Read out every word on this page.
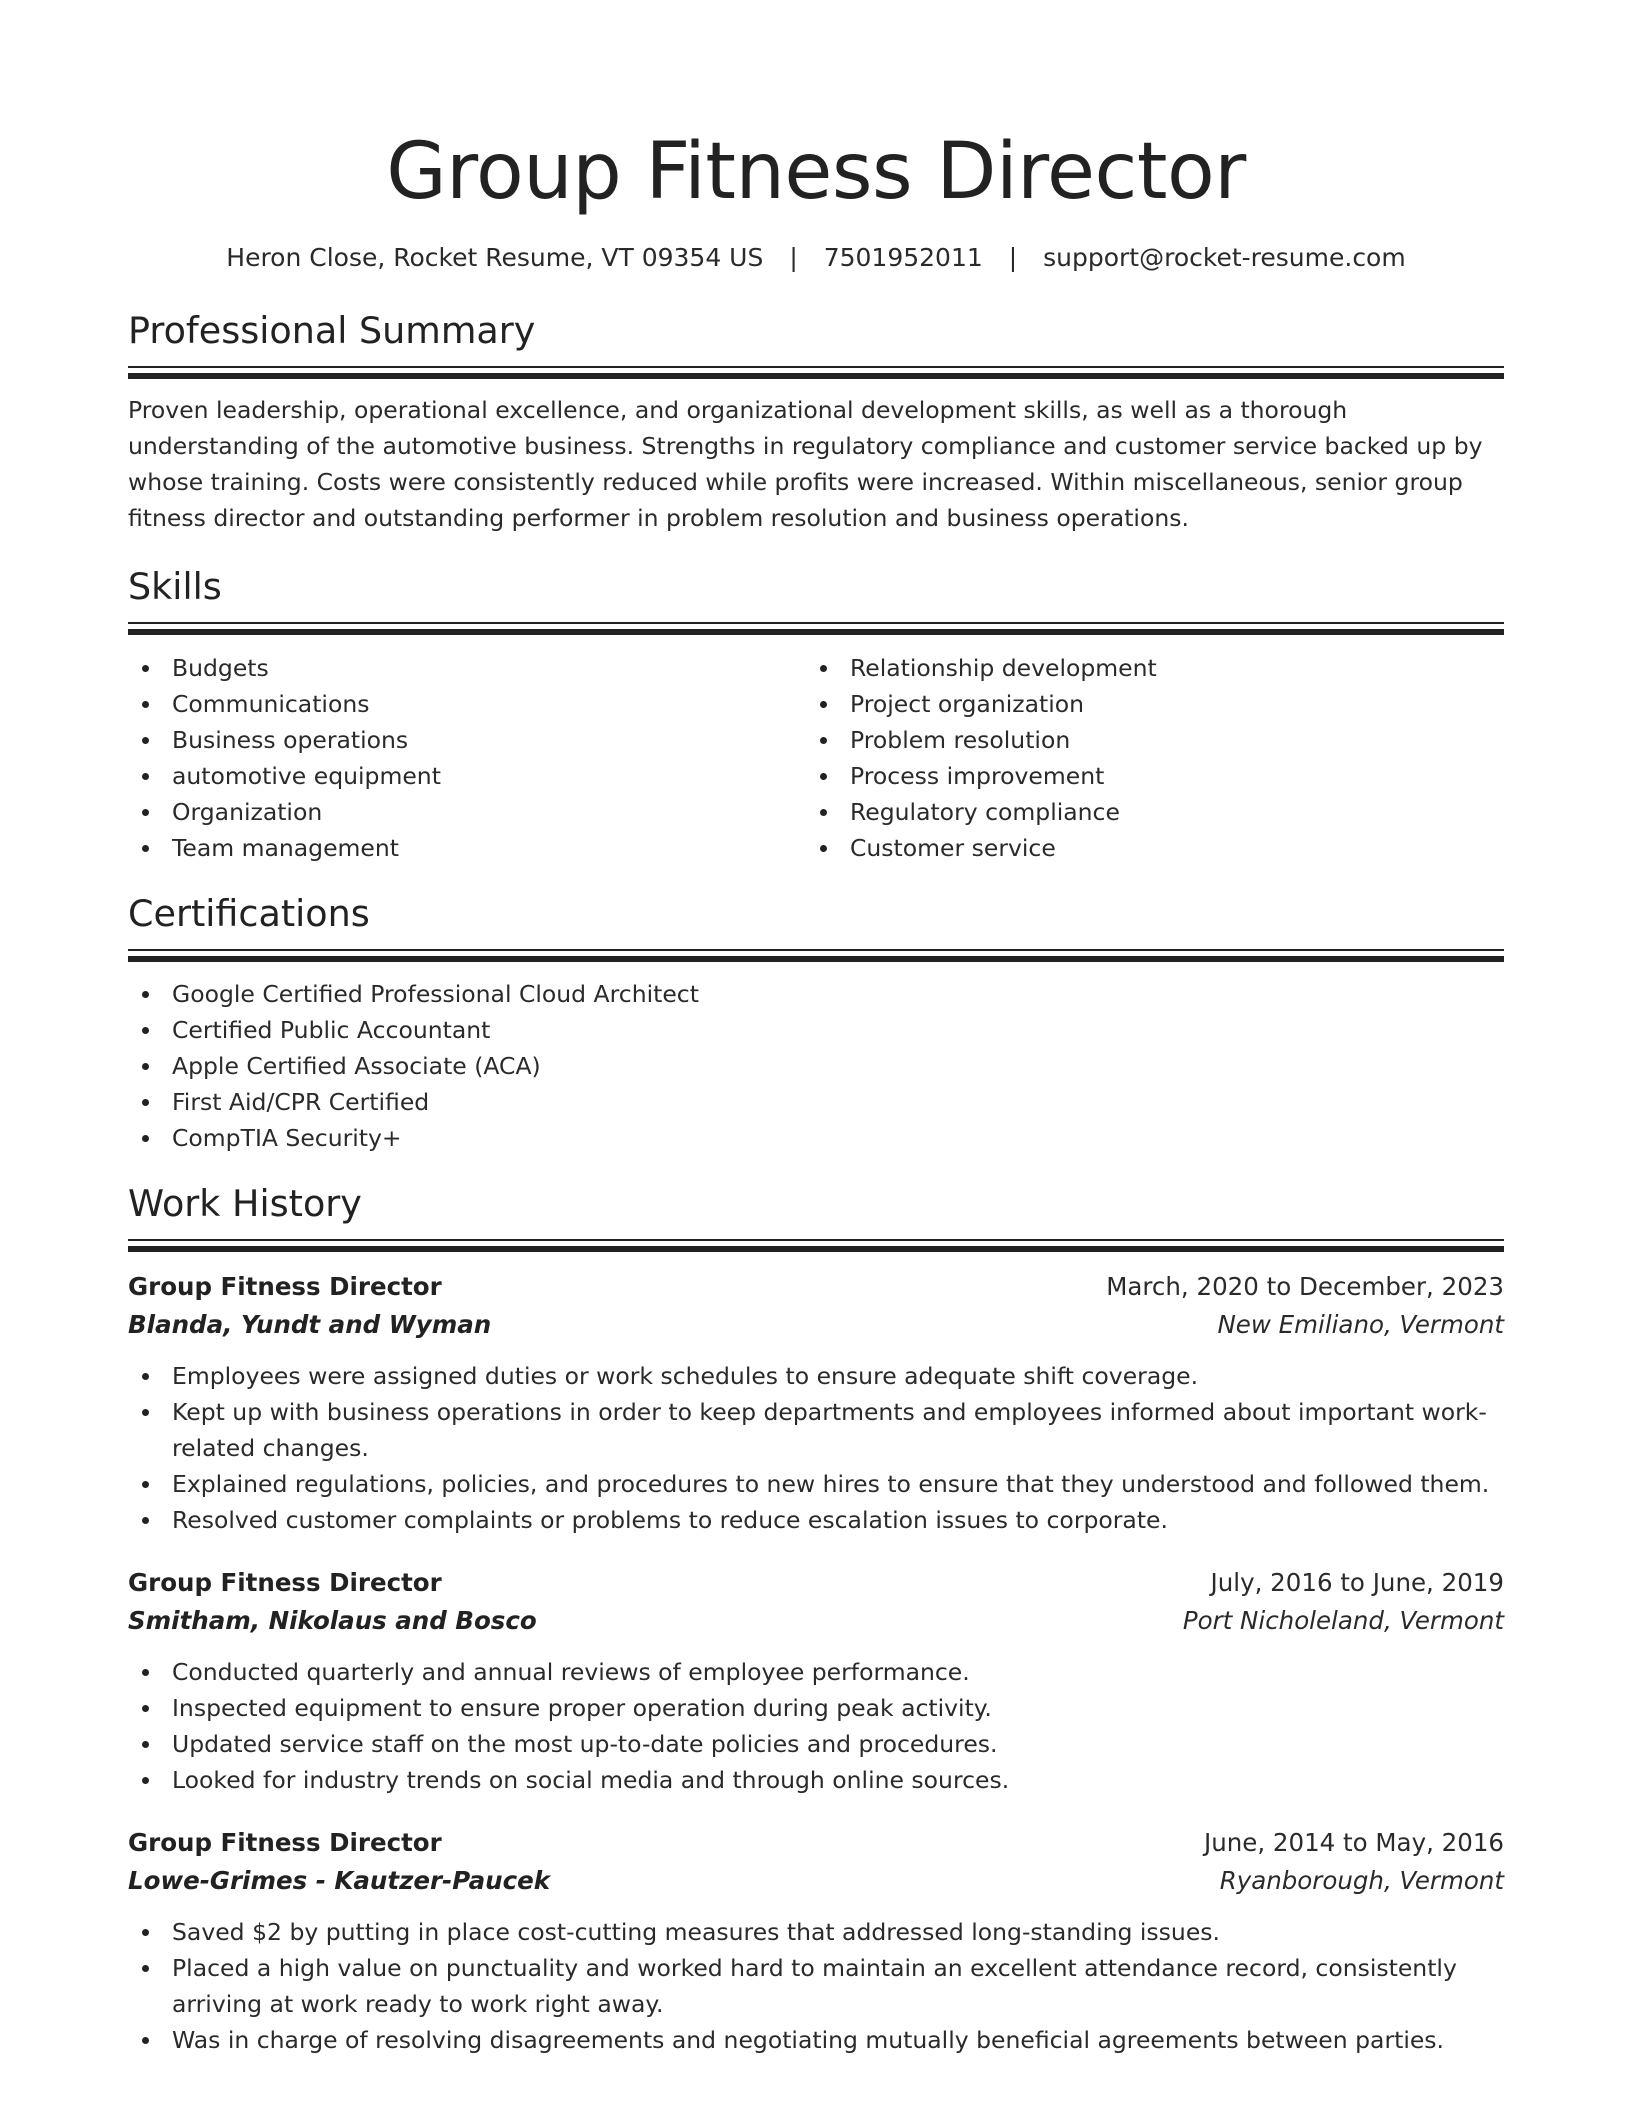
Group Fitness Director
Heron Close, Rocket Resume, VT 09354 US | 7501952011 | support@rocket-resume.com
Professional Summary

Proven leadership, operational excellence, and organizational development skills, as well as a thorough understanding of the automotive business. Strengths in regulatory compliance and customer service backed up by whose training. Costs were consistently reduced while profits were increased. Within miscellaneous, senior group fitness director and outstanding performer in problem resolution and business operations.

Skills
Budgets
Communications
Business operations
automotive equipment
Organization
Team management
Relationship development
Project organization
Problem resolution
Process improvement
Regulatory compliance
Customer service
Certifications
Google Certified Professional Cloud Architect
Certified Public Accountant
Apple Certified Associate (ACA)
First Aid/CPR Certified
CompTIA Security+
Work History
Group Fitness Director	March, 2020 to December, 2023
Blanda, Yundt and Wyman	New Emiliano, Vermont
Employees were assigned duties or work schedules to ensure adequate shift coverage.
Kept up with business operations in order to keep departments and employees informed about important work-related changes.
Explained regulations, policies, and procedures to new hires to ensure that they understood and followed them.
Resolved customer complaints or problems to reduce escalation issues to corporate.
Group Fitness Director	July, 2016 to June, 2019
Smitham, Nikolaus and Bosco	Port Nicholeland, Vermont
Conducted quarterly and annual reviews of employee performance.
Inspected equipment to ensure proper operation during peak activity.
Updated service staff on the most up-to-date policies and procedures.
Looked for industry trends on social media and through online sources.
Group Fitness Director	June, 2014 to May, 2016
Lowe-Grimes - Kautzer-Paucek	Ryanborough, Vermont
Saved $2 by putting in place cost-cutting measures that addressed long-standing issues.
Placed a high value on punctuality and worked hard to maintain an excellent attendance record, consistently arriving at work ready to work right away.
Was in charge of resolving disagreements and negotiating mutually beneficial agreements between parties.
